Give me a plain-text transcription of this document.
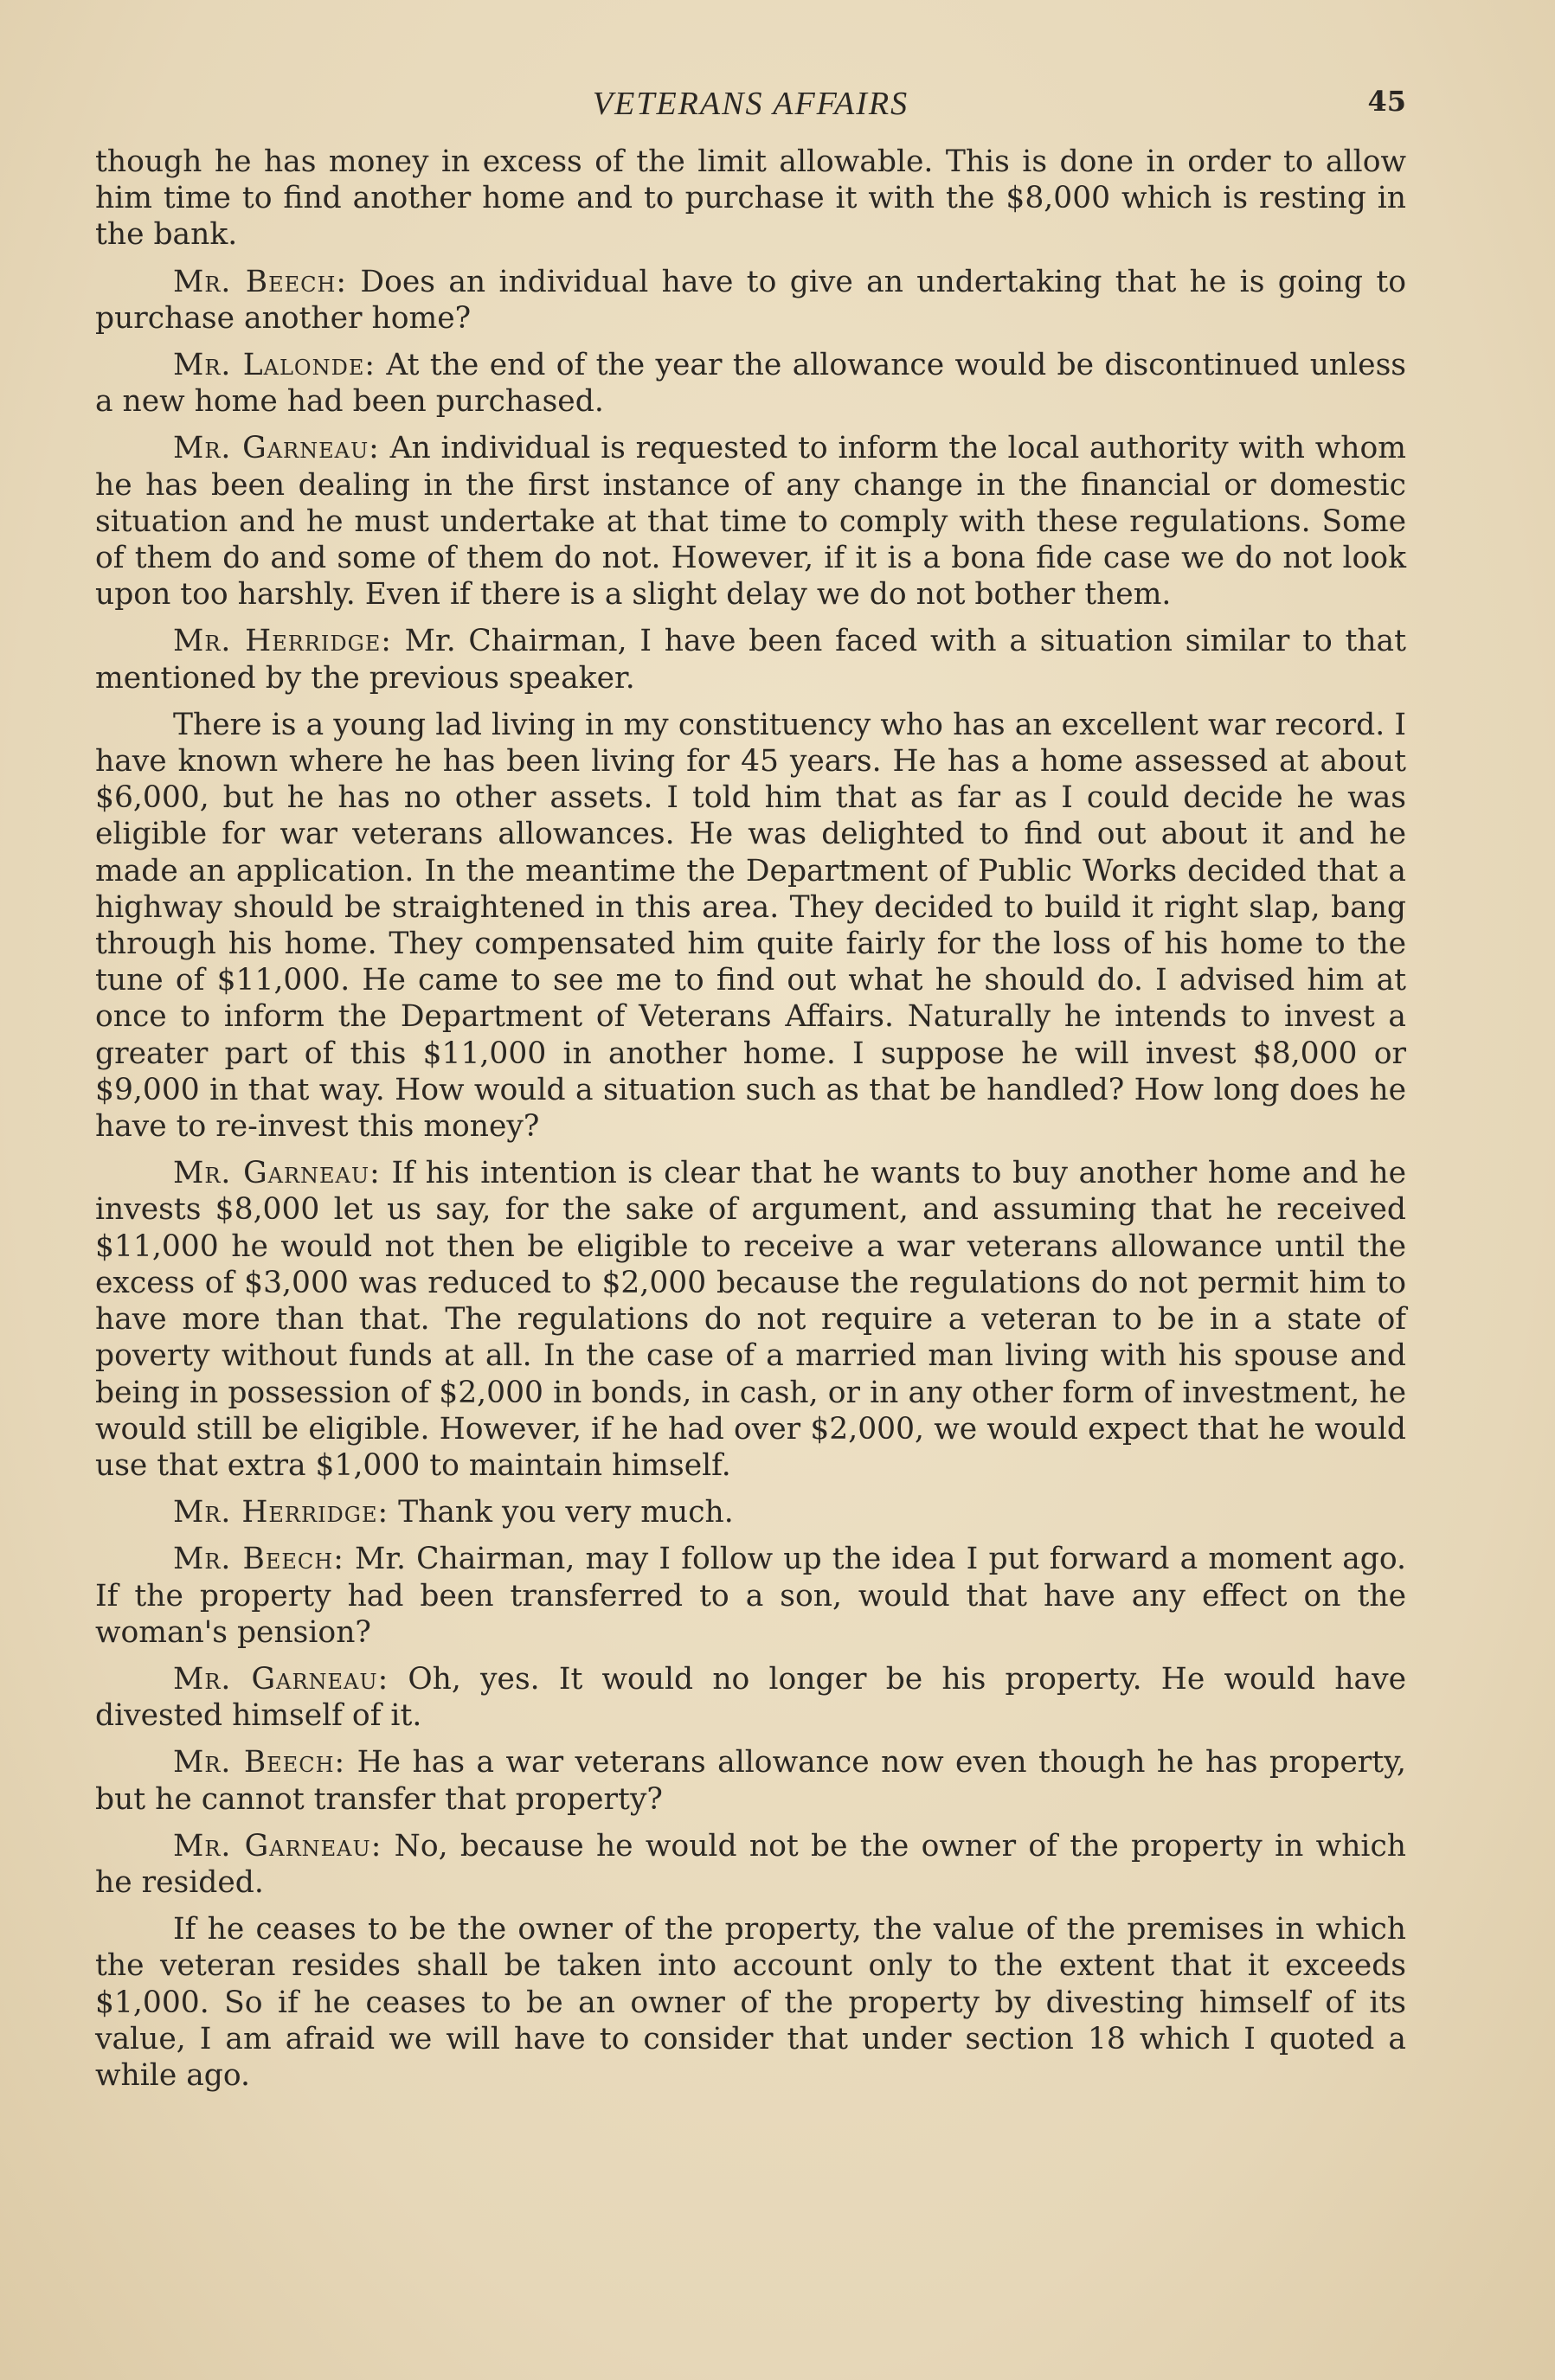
VETERANS AFFAIRS	45

though he has money in excess of the limit allowable. This is done in order to allow him time to find another home and to purchase it with the $8,000 which is resting in the bank.

Mr. Beech: Does an individual have to give an undertaking that he is going to purchase another home?

Mr. Lalonde: At the end of the year the allowance would be discontinued unless a new home had been purchased.

Mr. Garneau: An individual is requested to inform the local authority with whom he has been dealing in the first instance of any change in the financial or domestic situation and he must undertake at that time to comply with these regulations. Some of them do and some of them do not. However, if it is a bona fide case we do not look upon too harshly. Even if there is a slight delay we do not bother them.

Mr. Herridge: Mr. Chairman, I have been faced with a situation similar to that mentioned by the previous speaker.

There is a young lad living in my constituency who has an excellent war record. I have known where he has been living for 45 years. He has a home assessed at about $6,000, but he has no other assets. I told him that as far as I could decide he was eligible for war veterans allowances. He was delighted to find out about it and he made an application. In the meantime the Department of Public Works decided that a highway should be straightened in this area. They decided to build it right slap, bang through his home. They compensated him quite fairly for the loss of his home to the tune of $11,000. He came to see me to find out what he should do. I advised him at once to inform the Department of Veterans Affairs. Naturally he intends to invest a greater part of this $11,000 in another home. I suppose he will invest $8,000 or $9,000 in that way. How would a situation such as that be handled? How long does he have to re-invest this money?

Mr. Garneau: If his intention is clear that he wants to buy another home and he invests $8,000 let us say, for the sake of argument, and assuming that he received $11,000 he would not then be eligible to receive a war veterans allowance until the excess of $3,000 was reduced to $2,000 because the regulations do not permit him to have more than that. The regulations do not require a veteran to be in a state of poverty without funds at all. In the case of a married man living with his spouse and being in possession of $2,000 in bonds, in cash, or in any other form of investment, he would still be eligible. However, if he had over $2,000, we would expect that he would use that extra $1,000 to maintain himself.

Mr. Herridge: Thank you very much.

Mr. Beech: Mr. Chairman, may I follow up the idea I put forward a moment ago. If the property had been transferred to a son, would that have any effect on the woman's pension?

Mr. Garneau: Oh, yes. It would no longer be his property. He would have divested himself of it.

Mr. Beech: He has a war veterans allowance now even though he has property, but he cannot transfer that property?

Mr. Garneau: No, because he would not be the owner of the property in which he resided.

If he ceases to be the owner of the property, the value of the premises in which the veteran resides shall be taken into account only to the extent that it exceeds $1,000. So if he ceases to be an owner of the property by divesting himself of its value, I am afraid we will have to consider that under section 18 which I quoted a while ago.
